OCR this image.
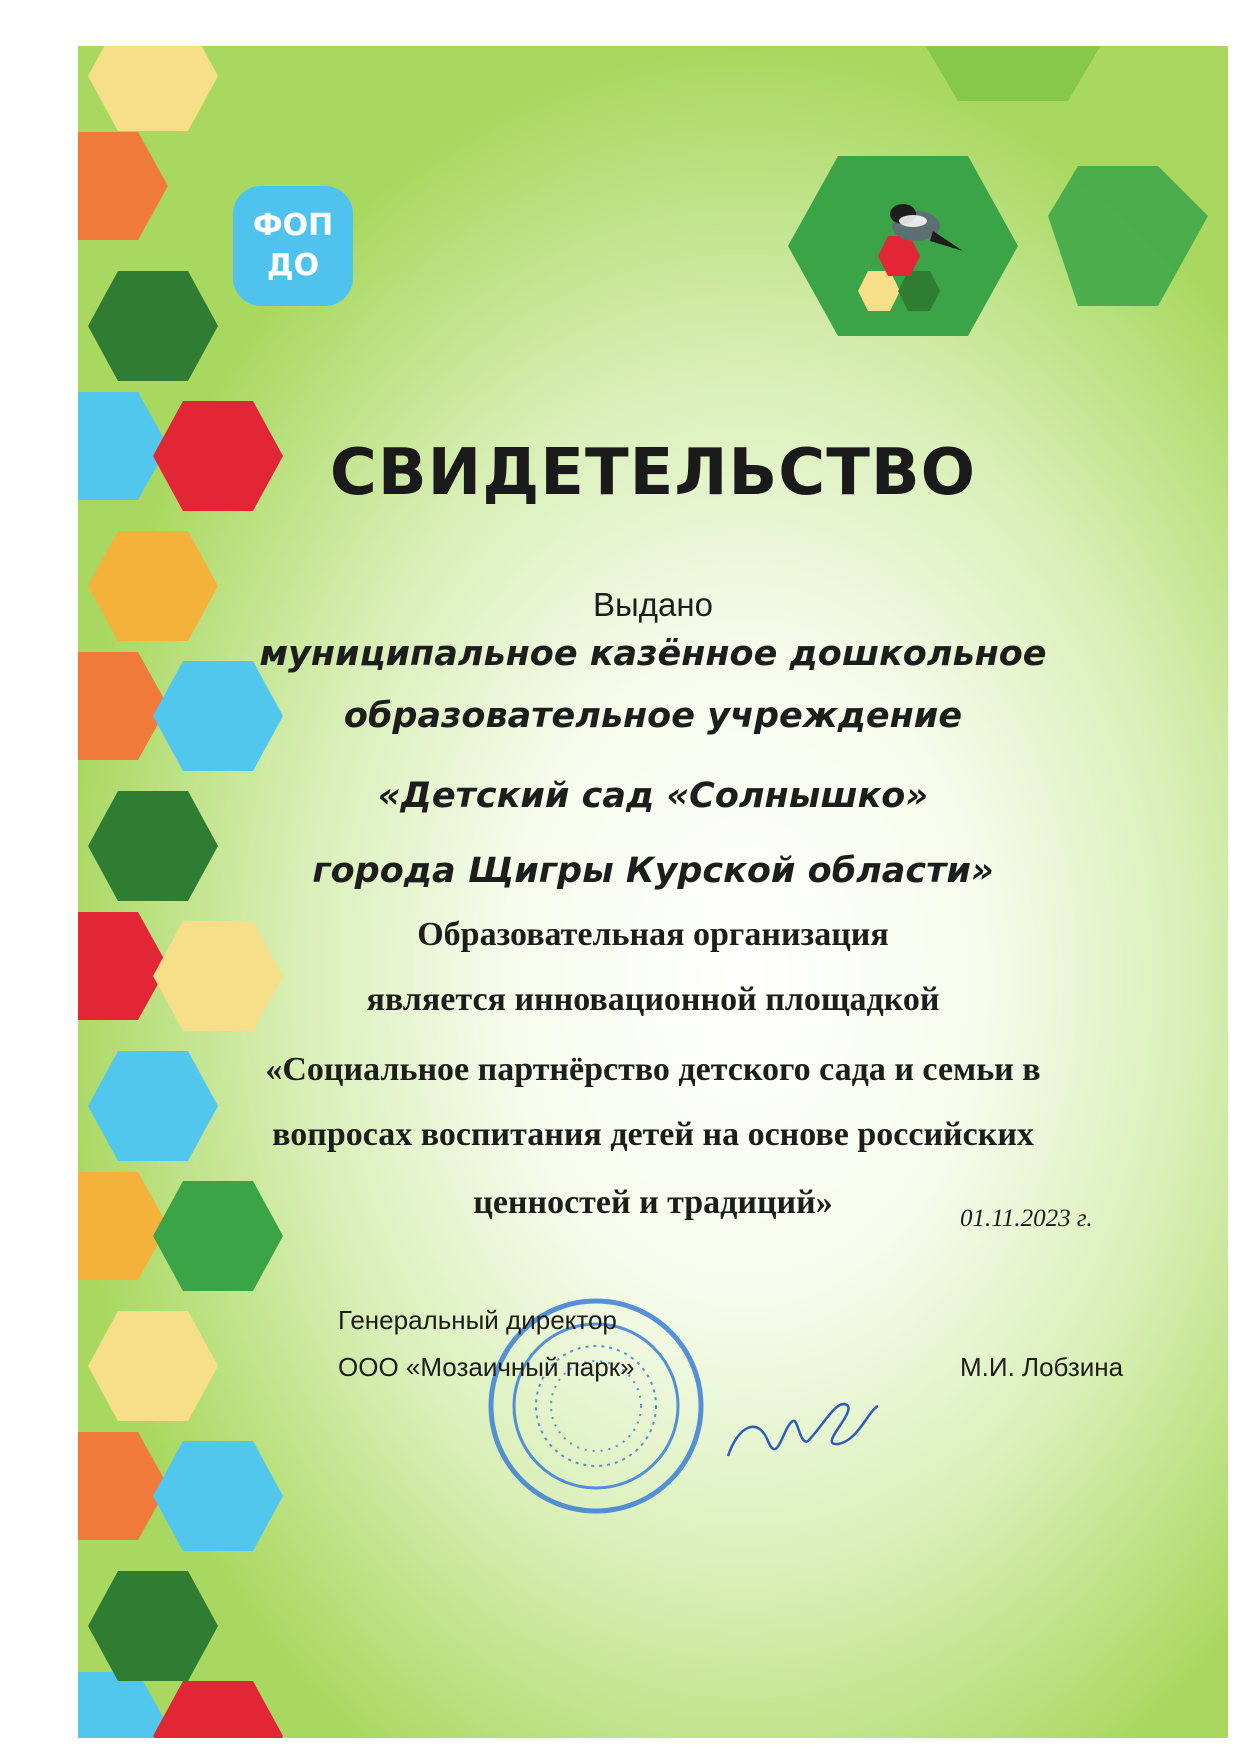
ФОП
ДО
СВИДЕТЕЛЬСТВО
Выдано
муниципальное казённое дошкольное
образовательное учреждение
«Детский сад «Солнышко»
города Щигры Курской области»
Образовательная организация
является инновационной площадкой
«Социальное партнёрство детского сада и семьи в
вопросах воспитания детей на основе российских
ценностей и традиций»	01.11.2023 г.
Генеральный директор
ООО «Мозаичный парк»	М.И. Лобзина
